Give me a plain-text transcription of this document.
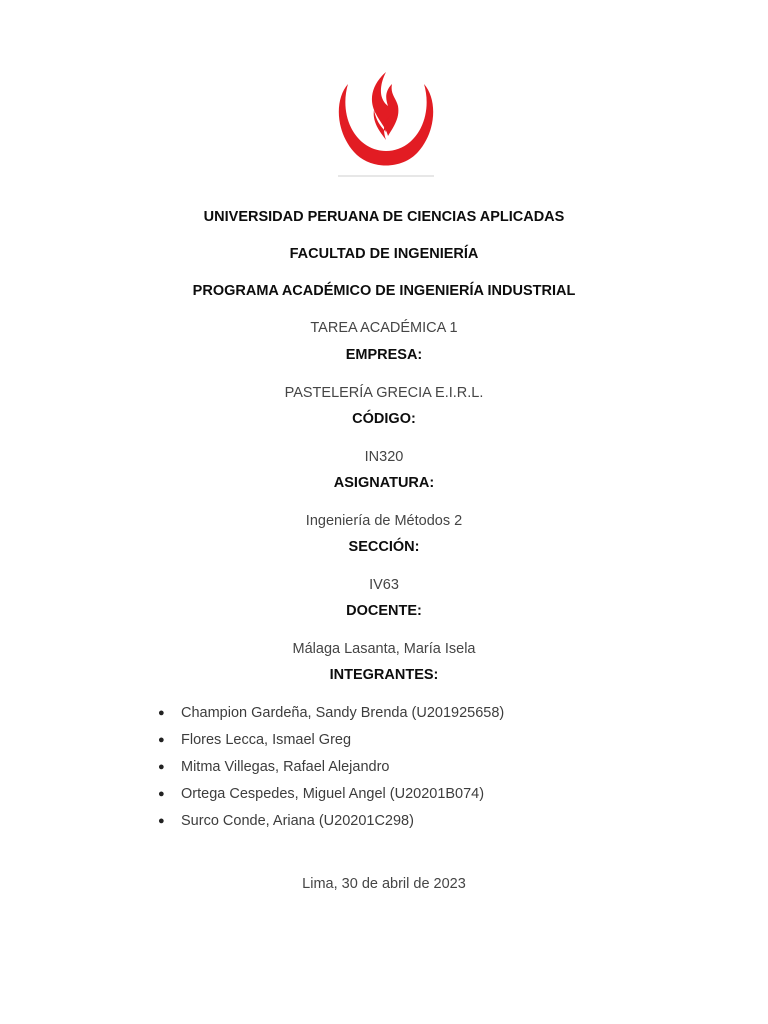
UNIVERSIDAD PERUANA DE CIENCIAS APLICADAS
FACULTAD DE INGENIERÍA
PROGRAMA ACADÉMICO DE INGENIERÍA INDUSTRIAL
TAREA ACADÉMICA 1
EMPRESA:
PASTELERÍA GRECIA E.I.R.L.
CÓDIGO:
IN320
ASIGNATURA:
Ingeniería de Métodos 2
SECCIÓN:
IV63
DOCENTE:
Málaga Lasanta, María Isela
INTEGRANTES:
● Champion Gardeña, Sandy Brenda (U201925658)
● Flores Lecca, Ismael Greg
● Mitma Villegas, Rafael Alejandro
● Ortega Cespedes, Miguel Angel (U20201B074)
● Surco Conde, Ariana (U20201C298)
Lima, 30 de abril de 2023
